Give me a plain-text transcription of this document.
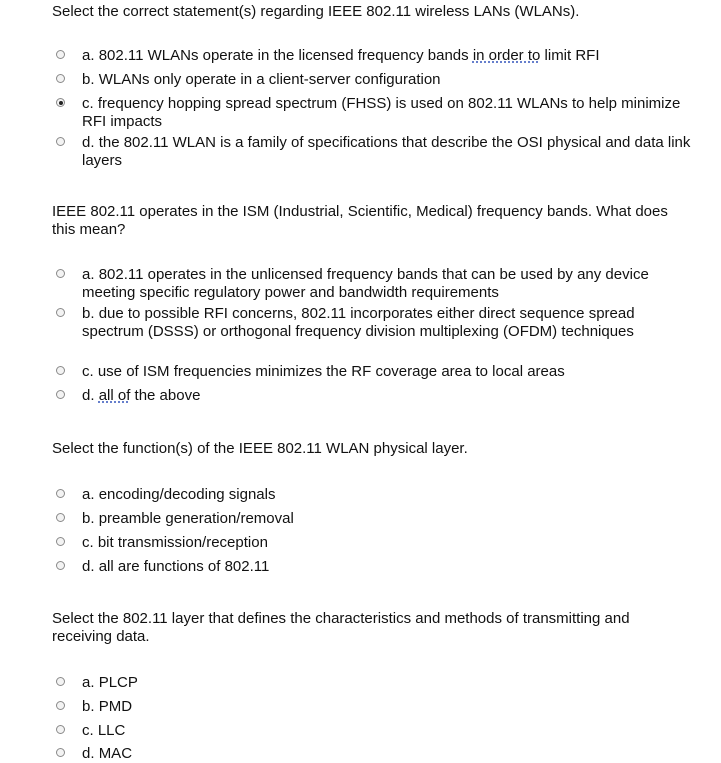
Select the correct statement(s) regarding IEEE 802.11 wireless LANs (WLANs).
a. 802.11 WLANs operate in the licensed frequency bands in order to limit RFI
b. WLANs only operate in a client-server configuration
c. frequency hopping spread spectrum (FHSS) is used on 802.11 WLANs to help minimize RFI impacts
d. the 802.11 WLAN is a family of specifications that describe the OSI physical and data link layers
IEEE 802.11 operates in the ISM (Industrial, Scientific, Medical) frequency bands. What does this mean?
a. 802.11 operates in the unlicensed frequency bands that can be used by any device meeting specific regulatory power and bandwidth requirements
b. due to possible RFI concerns, 802.11 incorporates either direct sequence spread spectrum (DSSS) or orthogonal frequency division multiplexing (OFDM) techniques
c. use of ISM frequencies minimizes the RF coverage area to local areas
d. all of the above
Select the function(s) of the IEEE 802.11 WLAN physical layer.
a. encoding/decoding signals
b. preamble generation/removal
c. bit transmission/reception
d. all are functions of 802.11
Select the 802.11 layer that defines the characteristics and methods of transmitting and receiving data.
a. PLCP
b. PMD
c. LLC
d. MAC
